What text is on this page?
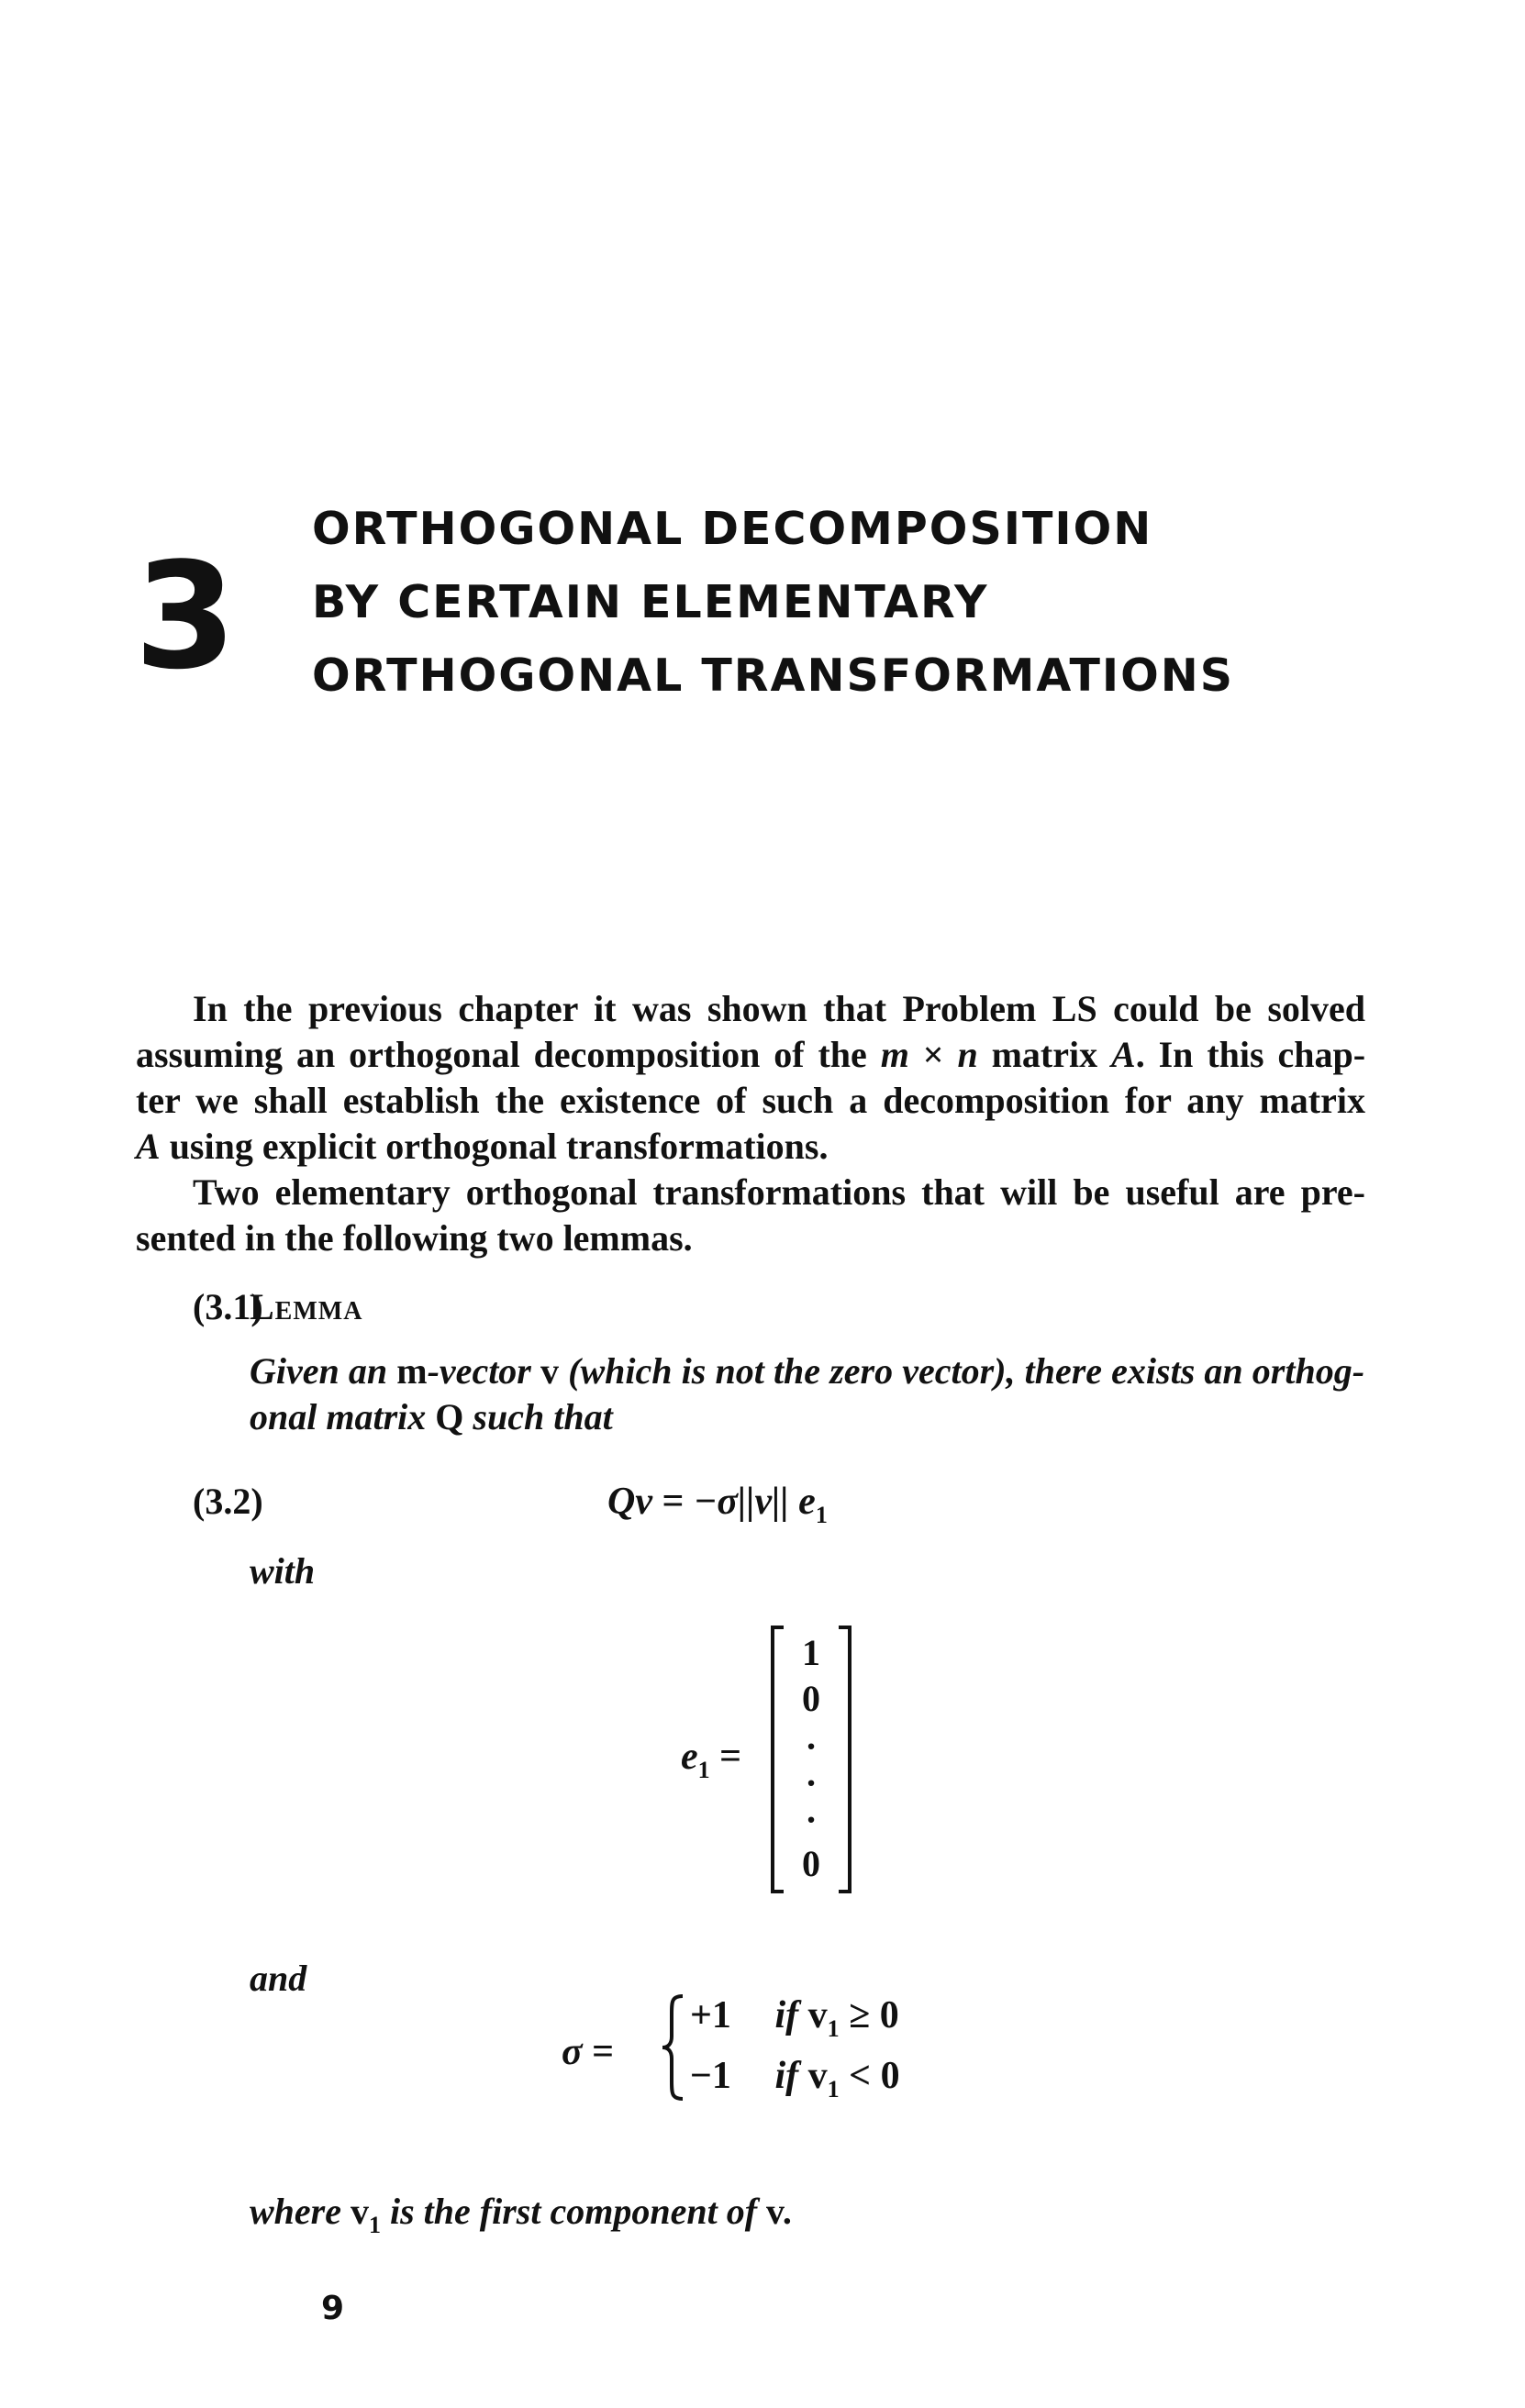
3
ORTHOGONAL DECOMPOSITION
BY CERTAIN ELEMENTARY
ORTHOGONAL TRANSFORMATIONS
In the previous chapter it was shown that Problem LS could be solved
assuming an orthogonal decomposition of the m × n matrix A. In this chap-
ter we shall establish the existence of such a decomposition for any matrix
A using explicit orthogonal transformations.
Two elementary orthogonal transformations that will be useful are pre-
sented in the following two lemmas.
(3.1)
Lemma
Given an m-vector v (which is not the zero vector), there exists an orthog-
onal matrix Q such that
(3.2)	Qv = −σ||v|| $e_1$
with
$e_1$ =
1
0
·
·
·
0
and
σ =
+1 if $v_1 \ge 0$
−1 if $v_1 < 0$
where $v_1$ is the first component of v.
9
